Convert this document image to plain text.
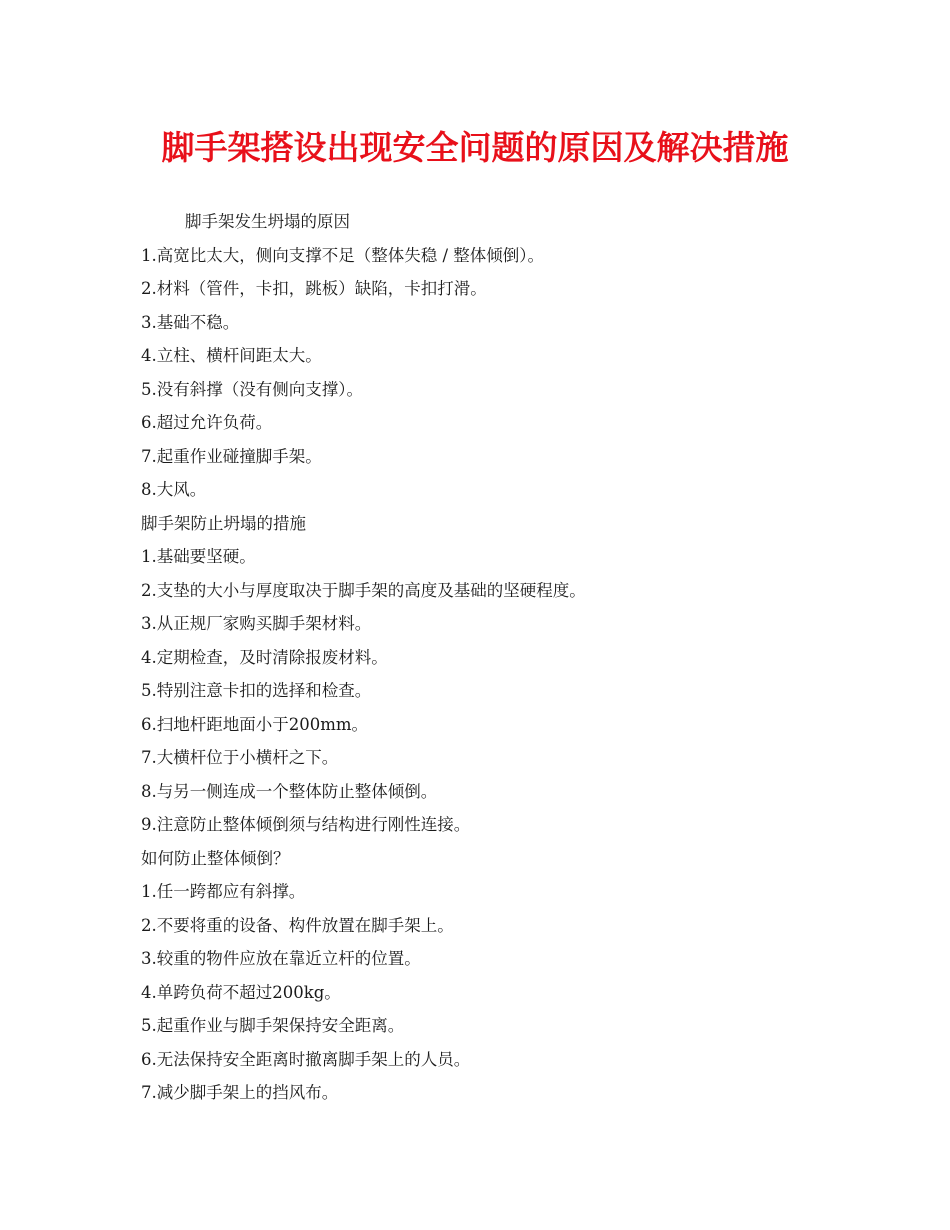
脚手架搭设出现安全问题的原因及解决措施

脚手架发生坍塌的原因

1.高宽比太大，侧向支撑不足（整体失稳 / 整体倾倒）。

2.材料（管件，卡扣，跳板）缺陷，卡扣打滑。

3.基础不稳。

4.立柱、横杆间距太大。

5.没有斜撑（没有侧向支撑）。

6.超过允许负荷。

7.起重作业碰撞脚手架。

8.大风。

脚手架防止坍塌的措施

1.基础要坚硬。

2.支垫的大小与厚度取决于脚手架的高度及基础的坚硬程度。

3.从正规厂家购买脚手架材料。

4.定期检查，及时清除报废材料。

5.特别注意卡扣的选择和检查。

6.扫地杆距地面小于200mm。

7.大横杆位于小横杆之下。

8.与另一侧连成一个整体防止整体倾倒。

9.注意防止整体倾倒须与结构进行刚性连接。

如何防止整体倾倒？

1.任一跨都应有斜撑。

2.不要将重的设备、构件放置在脚手架上。

3.较重的物件应放在靠近立杆的位置。

4.单跨负荷不超过200kg。

5.起重作业与脚手架保持安全距离。

6.无法保持安全距离时撤离脚手架上的人员。

7.减少脚手架上的挡风布。
